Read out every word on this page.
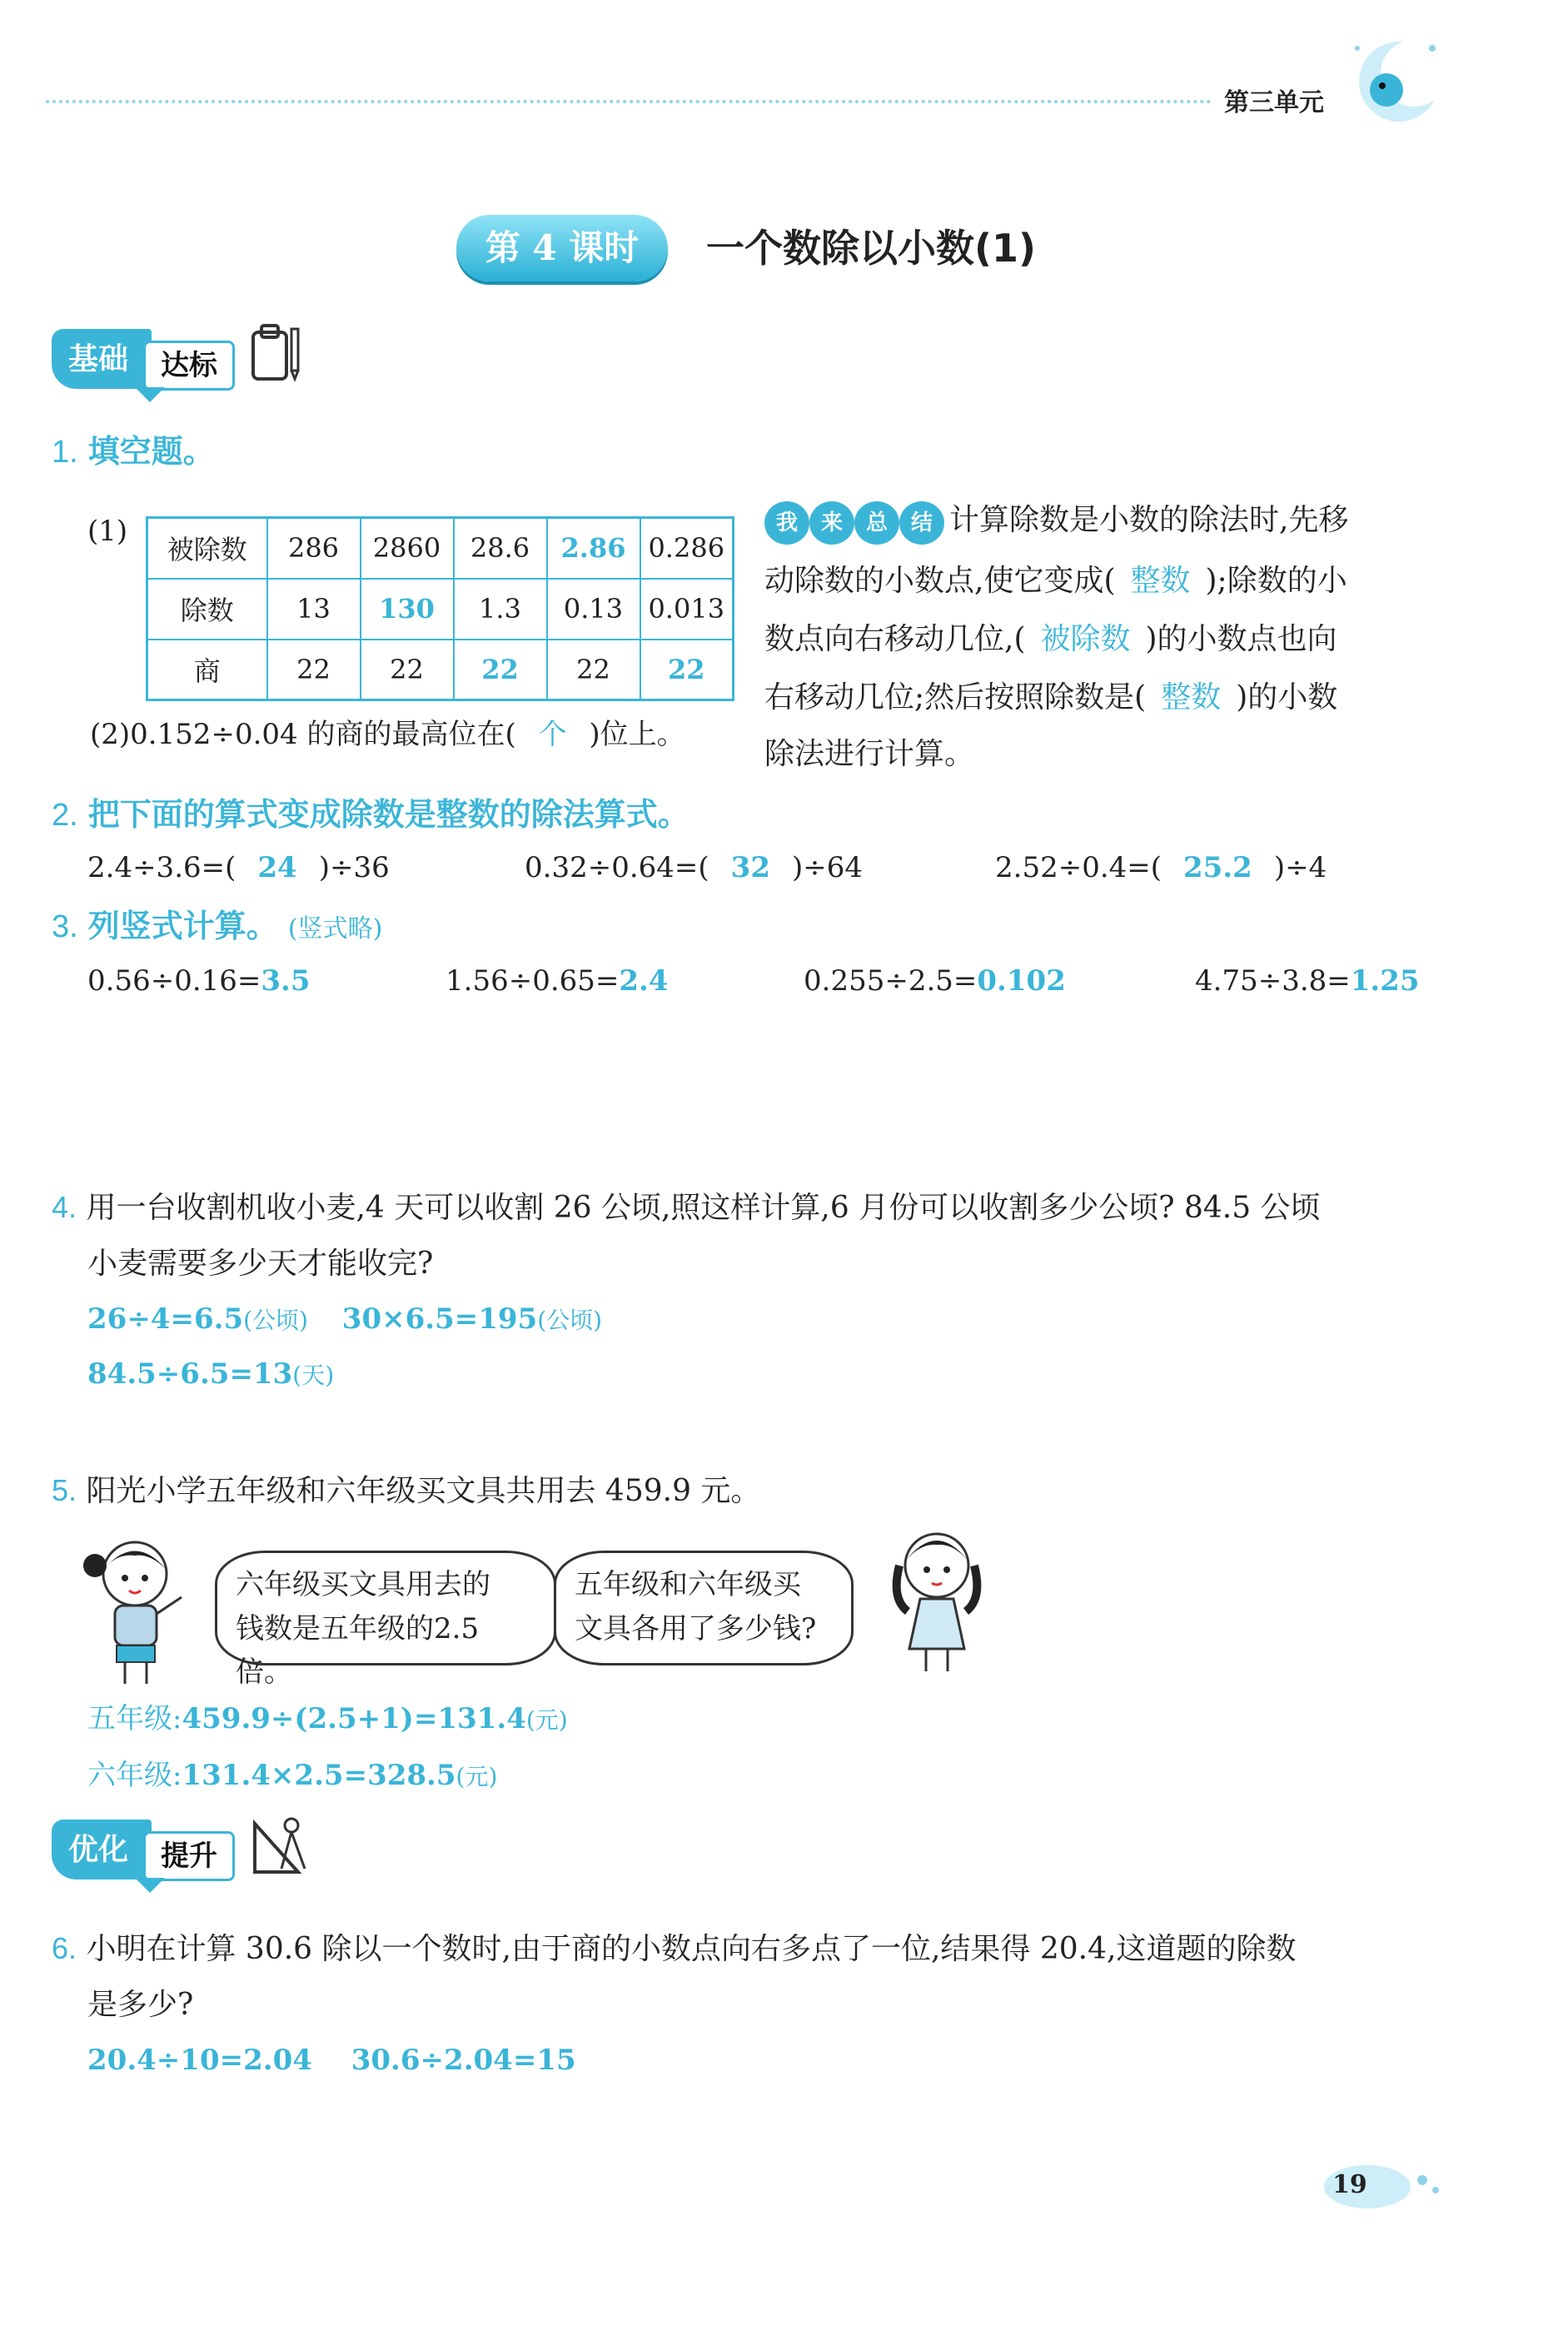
第三单元
第 4 课时	一个数除以小数(1)
基础	达标
1. 填空题。
(1)
被除数	286	2860	28.6	2.86	0.286
除数	13	130	1.3	0.13	0.013
商	22	22	22	22	22
(2)0.152÷0.04 的商的最高位在( 个 )位上。
我	来	总	结 计算除数是小数的除法时,先移
动除数的小数点,使它变成( 整数 );除数的小
数点向右移动几位,( 被除数 )的小数点也向
右移动几位;然后按照除数是( 整数 )的小数
除法进行计算。
2. 把下面的算式变成除数是整数的除法算式。
2.4÷3.6=( 24 )÷36	0.32÷0.64=( 32 )÷64	2.52÷0.4=( 25.2 )÷4
3. 列竖式计算。 (竖式略)
0.56÷0.16=3.5	1.56÷0.65=2.4	0.255÷2.5=0.102	4.75÷3.8=1.25
4. 用一台收割机收小麦,4 天可以收割 26 公顷,照这样计算,6 月份可以收割多少公顷? 84.5 公顷
小麦需要多少天才能收完?
26÷4=6.5(公顷) 30×6.5=195(公顷)
84.5÷6.5=13(天)
5. 阳光小学五年级和六年级买文具共用去 459.9 元。
六年级买文具用去的
钱数是五年级的2.5倍。
五年级和六年级买
文具各用了多少钱?
五年级:459.9÷(2.5+1)=131.4(元)
六年级:131.4×2.5=328.5(元)
优化	提升
6. 小明在计算 30.6 除以一个数时,由于商的小数点向右多点了一位,结果得 20.4,这道题的除数
是多少?
20.4÷10=2.04 30.6÷2.04=15
19
